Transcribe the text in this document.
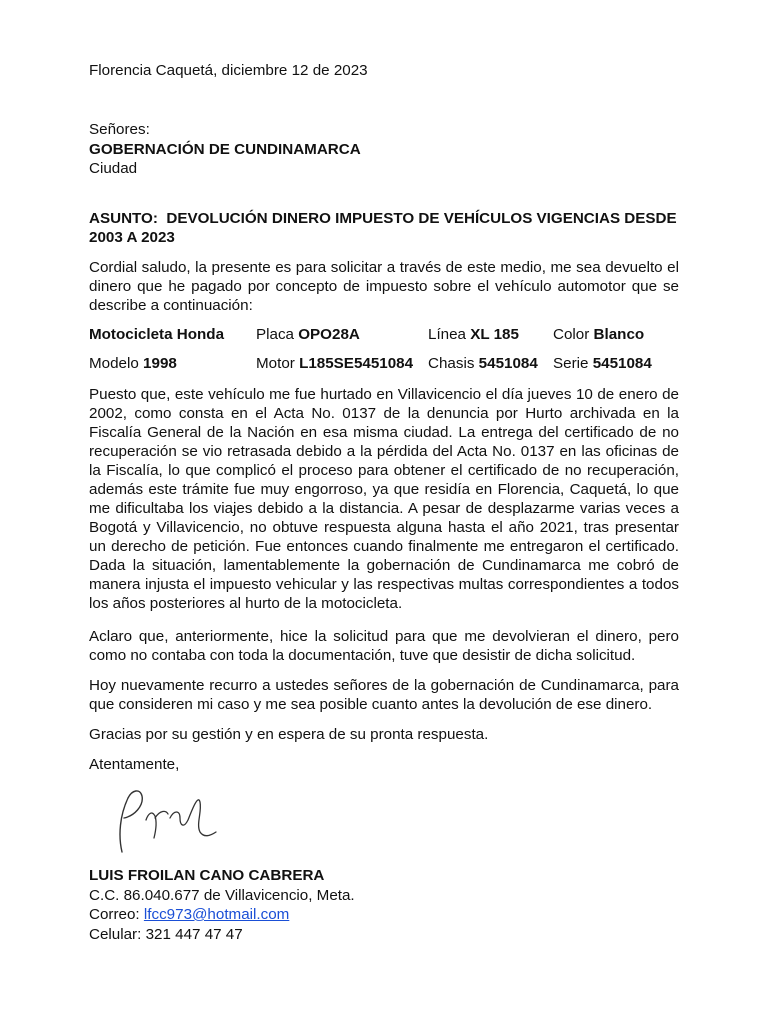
Florencia Caquetá, diciembre 12 de 2023
Señores:
GOBERNACIÓN DE CUNDINAMARCA
Ciudad
ASUNTO: DEVOLUCIÓN DINERO IMPUESTO DE VEHÍCULOS VIGENCIAS DESDE 2003 A 2023
Cordial saludo, la presente es para solicitar a través de este medio, me sea devuelto el dinero que he pagado por concepto de impuesto sobre el vehículo automotor que se describe a continuación:
Motocicleta Honda Placa OPO28A	Línea XL 185 Color Blanco
Modelo 1998	Motor L185SE5451084 Chasis 5451084 Serie 5451084
Puesto que, este vehículo me fue hurtado en Villavicencio el día jueves 10 de enero de 2002, como consta en el Acta No. 0137 de la denuncia por Hurto archivada en la Fiscalía General de la Nación en esa misma ciudad. La entrega del certificado de no recuperación se vio retrasada debido a la pérdida del Acta No. 0137 en las oficinas de la Fiscalía, lo que complicó el proceso para obtener el certificado de no recuperación, además este trámite fue muy engorroso, ya que residía en Florencia, Caquetá, lo que me dificultaba los viajes debido a la distancia. A pesar de desplazarme varias veces a Bogotá y Villavicencio, no obtuve respuesta alguna hasta el año 2021, tras presentar un derecho de petición. Fue entonces cuando finalmente me entregaron el certificado. Dada la situación, lamentablemente la gobernación de Cundinamarca me cobró de manera injusta el impuesto vehicular y las respectivas multas correspondientes a todos los años posteriores al hurto de la motocicleta.
Aclaro que, anteriormente, hice la solicitud para que me devolvieran el dinero, pero como no contaba con toda la documentación, tuve que desistir de dicha solicitud.
Hoy nuevamente recurro a ustedes señores de la gobernación de Cundinamarca, para que consideren mi caso y me sea posible cuanto antes la devolución de ese dinero.
Gracias por su gestión y en espera de su pronta respuesta.
Atentamente,
LUIS FROILAN CANO CABRERA
C.C. 86.040.677 de Villavicencio, Meta.
Correo: lfcc973@hotmail.com
Celular: 321 447 47 47
